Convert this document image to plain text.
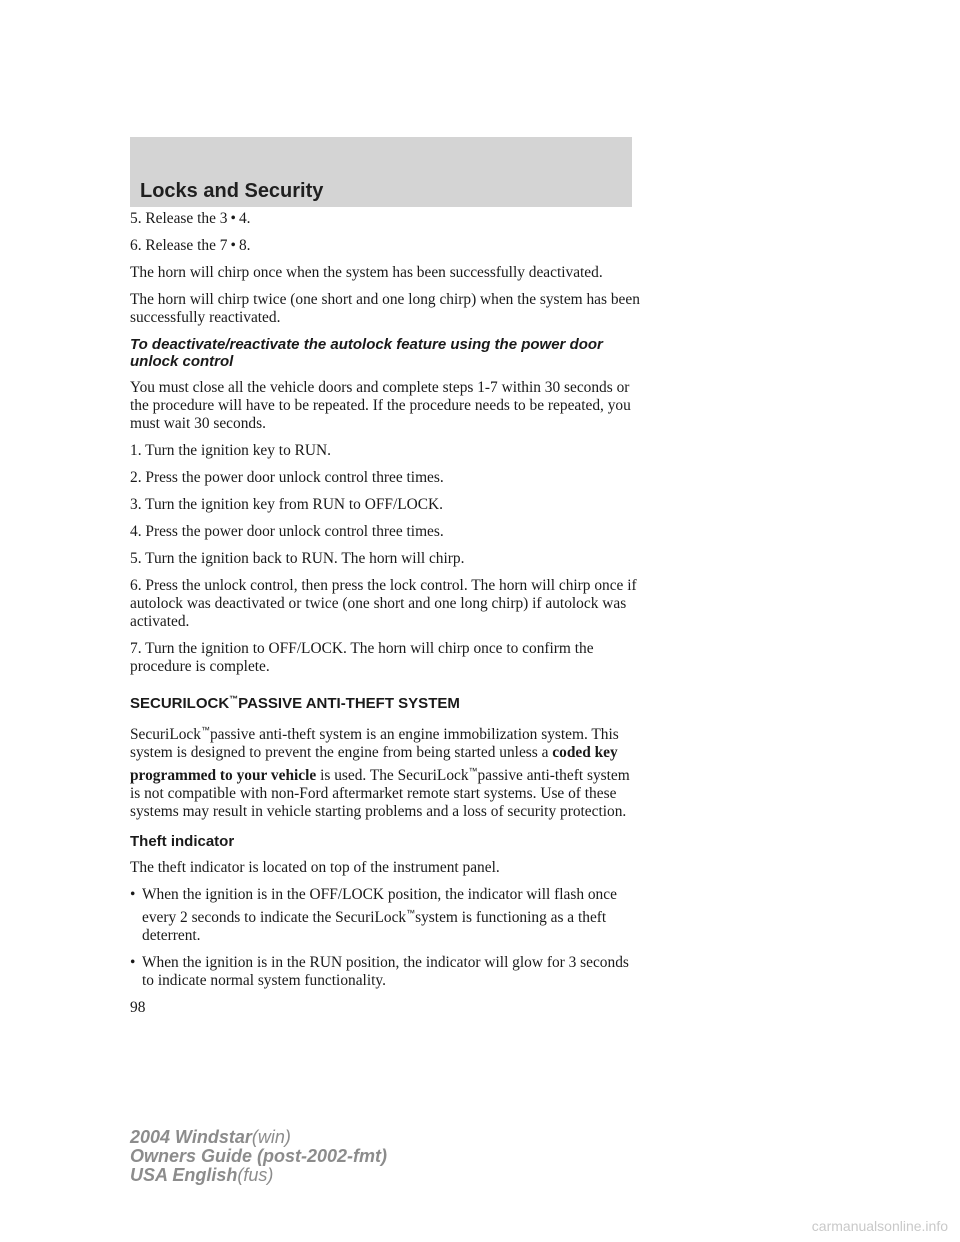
Locks and Security

5. Release the 3 • 4.

6. Release the 7 • 8.

The horn will chirp once when the system has been successfully deactivated.

The horn will chirp twice (one short and one long chirp) when the system has been successfully reactivated.

To deactivate/reactivate the autolock feature using the power door unlock control

You must close all the vehicle doors and complete steps 1-7 within 30 seconds or the procedure will have to be repeated. If the procedure needs to be repeated, you must wait 30 seconds.

1. Turn the ignition key to RUN.

2. Press the power door unlock control three times.

3. Turn the ignition key from RUN to OFF/LOCK.

4. Press the power door unlock control three times.

5. Turn the ignition back to RUN. The horn will chirp.

6. Press the unlock control, then press the lock control. The horn will chirp once if autolock was deactivated or twice (one short and one long chirp) if autolock was activated.

7. Turn the ignition to OFF/LOCK. The horn will chirp once to confirm the procedure is complete.

SECURILOCK™PASSIVE ANTI-THEFT SYSTEM

SecuriLock™passive anti-theft system is an engine immobilization system. This system is designed to prevent the engine from being started unless a coded key programmed to your vehicle is used. The SecuriLock™passive anti-theft system is not compatible with non-Ford aftermarket remote start systems. Use of these systems may result in vehicle starting problems and a loss of security protection.

Theft indicator

The theft indicator is located on top of the instrument panel.

• When the ignition is in the OFF/LOCK position, the indicator will flash once every 2 seconds to indicate the SecuriLock™system is functioning as a theft deterrent.
• When the ignition is in the RUN position, the indicator will glow for 3 seconds to indicate normal system functionality.

98

2004 Windstar(win)
Owners Guide (post-2002-fmt)
USA English(fus)
carmanualsonline.info
